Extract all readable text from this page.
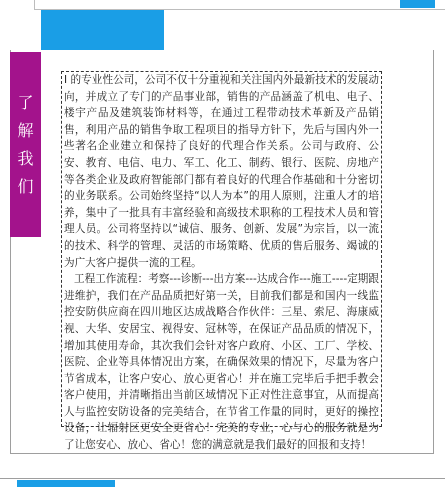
了
解
我
们

I 的专业性公司，公司不仅十分重视和关注国内外最新技术的发展动向，并成立了专门的产品事业部，销售的产品涵盖了机电、电子、楼宇产品及建筑装饰材料等，在通过工程带动技术革新及产品销售，利用产品的销售争取工程项目的指导方针下，先后与国内外一些著名企业建立和保持了良好的代理合作关系。公司与政府、公安、教育、电信、电力、军工、化工、制药、银行、医院、房地产等各类企业及政府智能部门都有着良好的代理合作基础和十分密切的业务联系。公司始终坚持“以人为本”的用人原则，注重人才的培养，集中了一批具有丰富经验和高级技术职称的工程技术人员和管理人员。公司将坚持以“诚信、服务、创新、发展”为宗旨，以一流的技术、科学的管理、灵活的市场策略、优质的售后服务、竭诚的为广大客户提供一流的工程。

工程工作流程：考察---诊断---出方案---达成合作---施工----定期跟进维护，我们在产品品质把好第一关，目前我们都是和国内一线监控安防供应商在四川地区达成战略合作伙伴：三星、索尼、海康威视、大华、安居宝、视得安、冠林等，在保证产品品质的情况下，增加其使用寿命，其次我们会针对客户政府、小区、工厂、学校、医院、企业等具体情况出方案，在确保效果的情况下，尽量为客户节省成本，让客户安心、放心更省心！并在施工完毕后手把手教会客户使用，并清晰指出当前区域情况下正对性注意事宜，从而提高人与监控安防设备的完美结合，在节省工作量的同时，更好的操控设备，让辐射区更安全更省心！完美的专业，心与心的服务就是为了让您安心、放心、省心！您的满意就是我们最好的回报和支持！
